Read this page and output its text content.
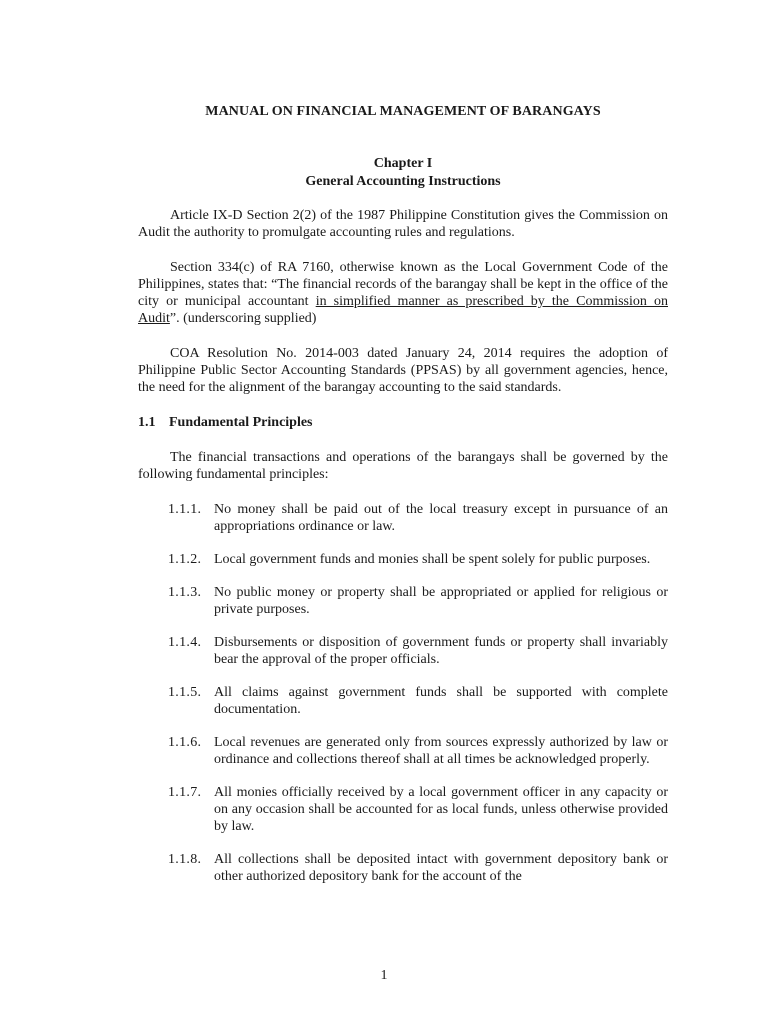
MANUAL ON FINANCIAL MANAGEMENT OF BARANGAYS
Chapter I
General Accounting Instructions

Article IX-D Section 2(2) of the 1987 Philippine Constitution gives the Commission on Audit the authority to promulgate accounting rules and regulations.

Section 334(c) of RA 7160, otherwise known as the Local Government Code of the Philippines, states that: “The financial records of the barangay shall be kept in the office of the city or municipal accountant in simplified manner as prescribed by the Commission on Audit”. (underscoring supplied)

COA Resolution No. 2014-003 dated January 24, 2014 requires the adoption of Philippine Public Sector Accounting Standards (PPSAS) by all government agencies, hence, the need for the alignment of the barangay accounting to the said standards.

1.1 Fundamental Principles

The financial transactions and operations of the barangays shall be governed by the following fundamental principles:

1.1.1. No money shall be paid out of the local treasury except in pursuance of an appropriations ordinance or law.
1.1.2. Local government funds and monies shall be spent solely for public purposes.
1.1.3. No public money or property shall be appropriated or applied for religious or private purposes.
1.1.4. Disbursements or disposition of government funds or property shall invariably bear the approval of the proper officials.
1.1.5. All claims against government funds shall be supported with complete documentation.
1.1.6. Local revenues are generated only from sources expressly authorized by law or ordinance and collections thereof shall at all times be acknowledged properly.
1.1.7. All monies officially received by a local government officer in any capacity or on any occasion shall be accounted for as local funds, unless otherwise provided by law.
1.1.8. All collections shall be deposited intact with government depository bank or other authorized depository bank for the account of the
1
